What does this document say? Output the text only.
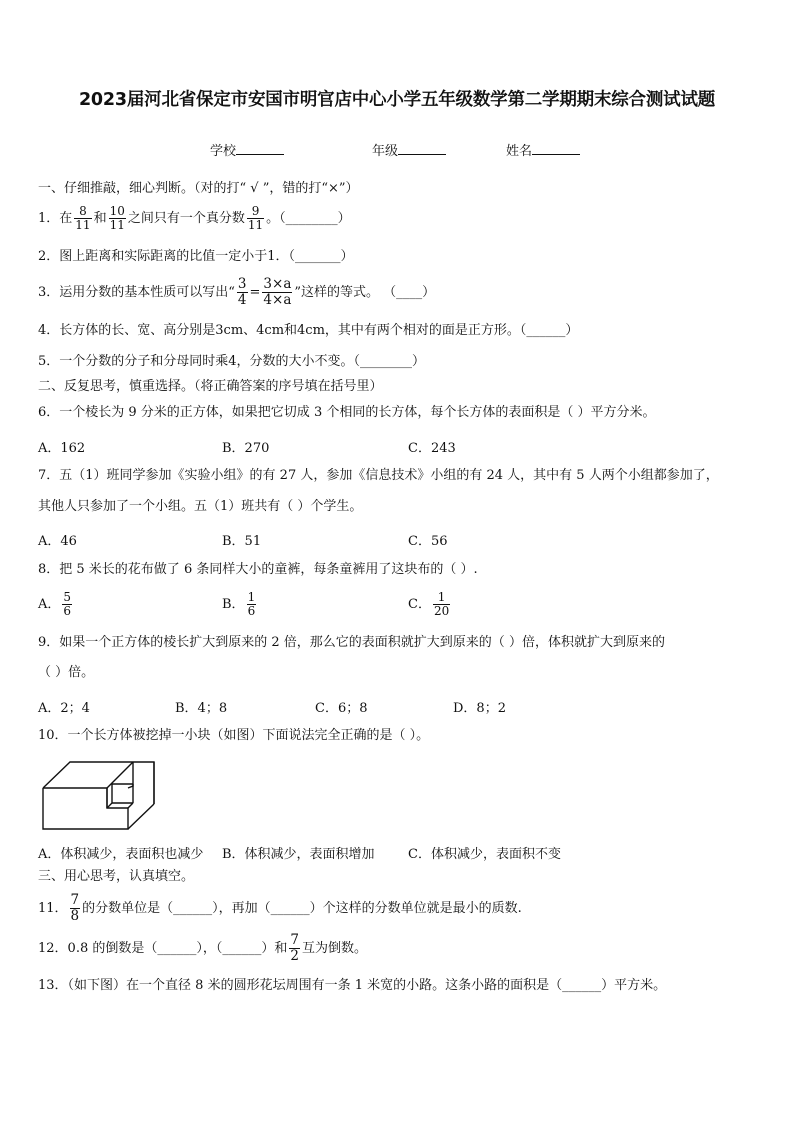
2023届河北省保定市安国市明官店中心小学五年级数学第二学期期末综合测试试题
学校	年级	姓名
一、仔细推敲，细心判断。（对的打“ √ ”，错的打“×”）
1．在 $\frac{8}{11}$ 和 $\frac{10}{11}$ 之间只有一个真分数 $\frac{9}{11}$ 。（________）
2．图上距离和实际距离的比值一定小于1．（_______）
3．运用分数的基本性质可以写出“ $\frac{3}{4} = \frac{3\times a}{4\times a}$ ”这样的等式。 （____）
4．长方体的长、宽、高分别是3cm、4cm和4cm，其中有两个相对的面是正方形。（______）
5．一个分数的分子和分母同时乘4，分数的大小不变。（________）
二、反复思考，慎重选择。（将正确答案的序号填在括号里）
6．一个棱长为 9 分米的正方体，如果把它切成 3 个相同的长方体，每个长方体的表面积是（ ）平方分米。
A．162	B．270	C．243
7．五（1）班同学参加《实验小组》的有 27 人，参加《信息技术》小组的有 24 人，其中有 5 人两个小组都参加了，
其他人只参加了一个小组。五（1）班共有（ ）个学生。
A．46	B．51	C．56
8．把 5 米长的花布做了 6 条同样大小的童裤，每条童裤用了这块布的（ ）.
A． $\frac{5}{6}$	B． $\frac{1}{6}$	C． $\frac{1}{20}$
9．如果一个正方体的棱长扩大到原来的 2 倍，那么它的表面积就扩大到原来的（ ）倍，体积就扩大到原来的
（ ）倍。
A．2；4	B．4；8	C．6；8	D．8；2
10．一个长方体被挖掉一小块（如图）下面说法完全正确的是（ ）。
A．体积减少，表面积也减少 B．体积减少，表面积增加	C．体积减少，表面积不变
三、用心思考，认真填空。
11． $\frac{7}{8}$ 的分数单位是（______），再加（______）个这样的分数单位就是最小的质数.
12．0.8 的倒数是（______），（______）和 $\frac{7}{2}$ 互为倒数。
13．（如下图）在一个直径 8 米的圆形花坛周围有一条 1 米宽的小路。这条小路的面积是（______）平方米。
